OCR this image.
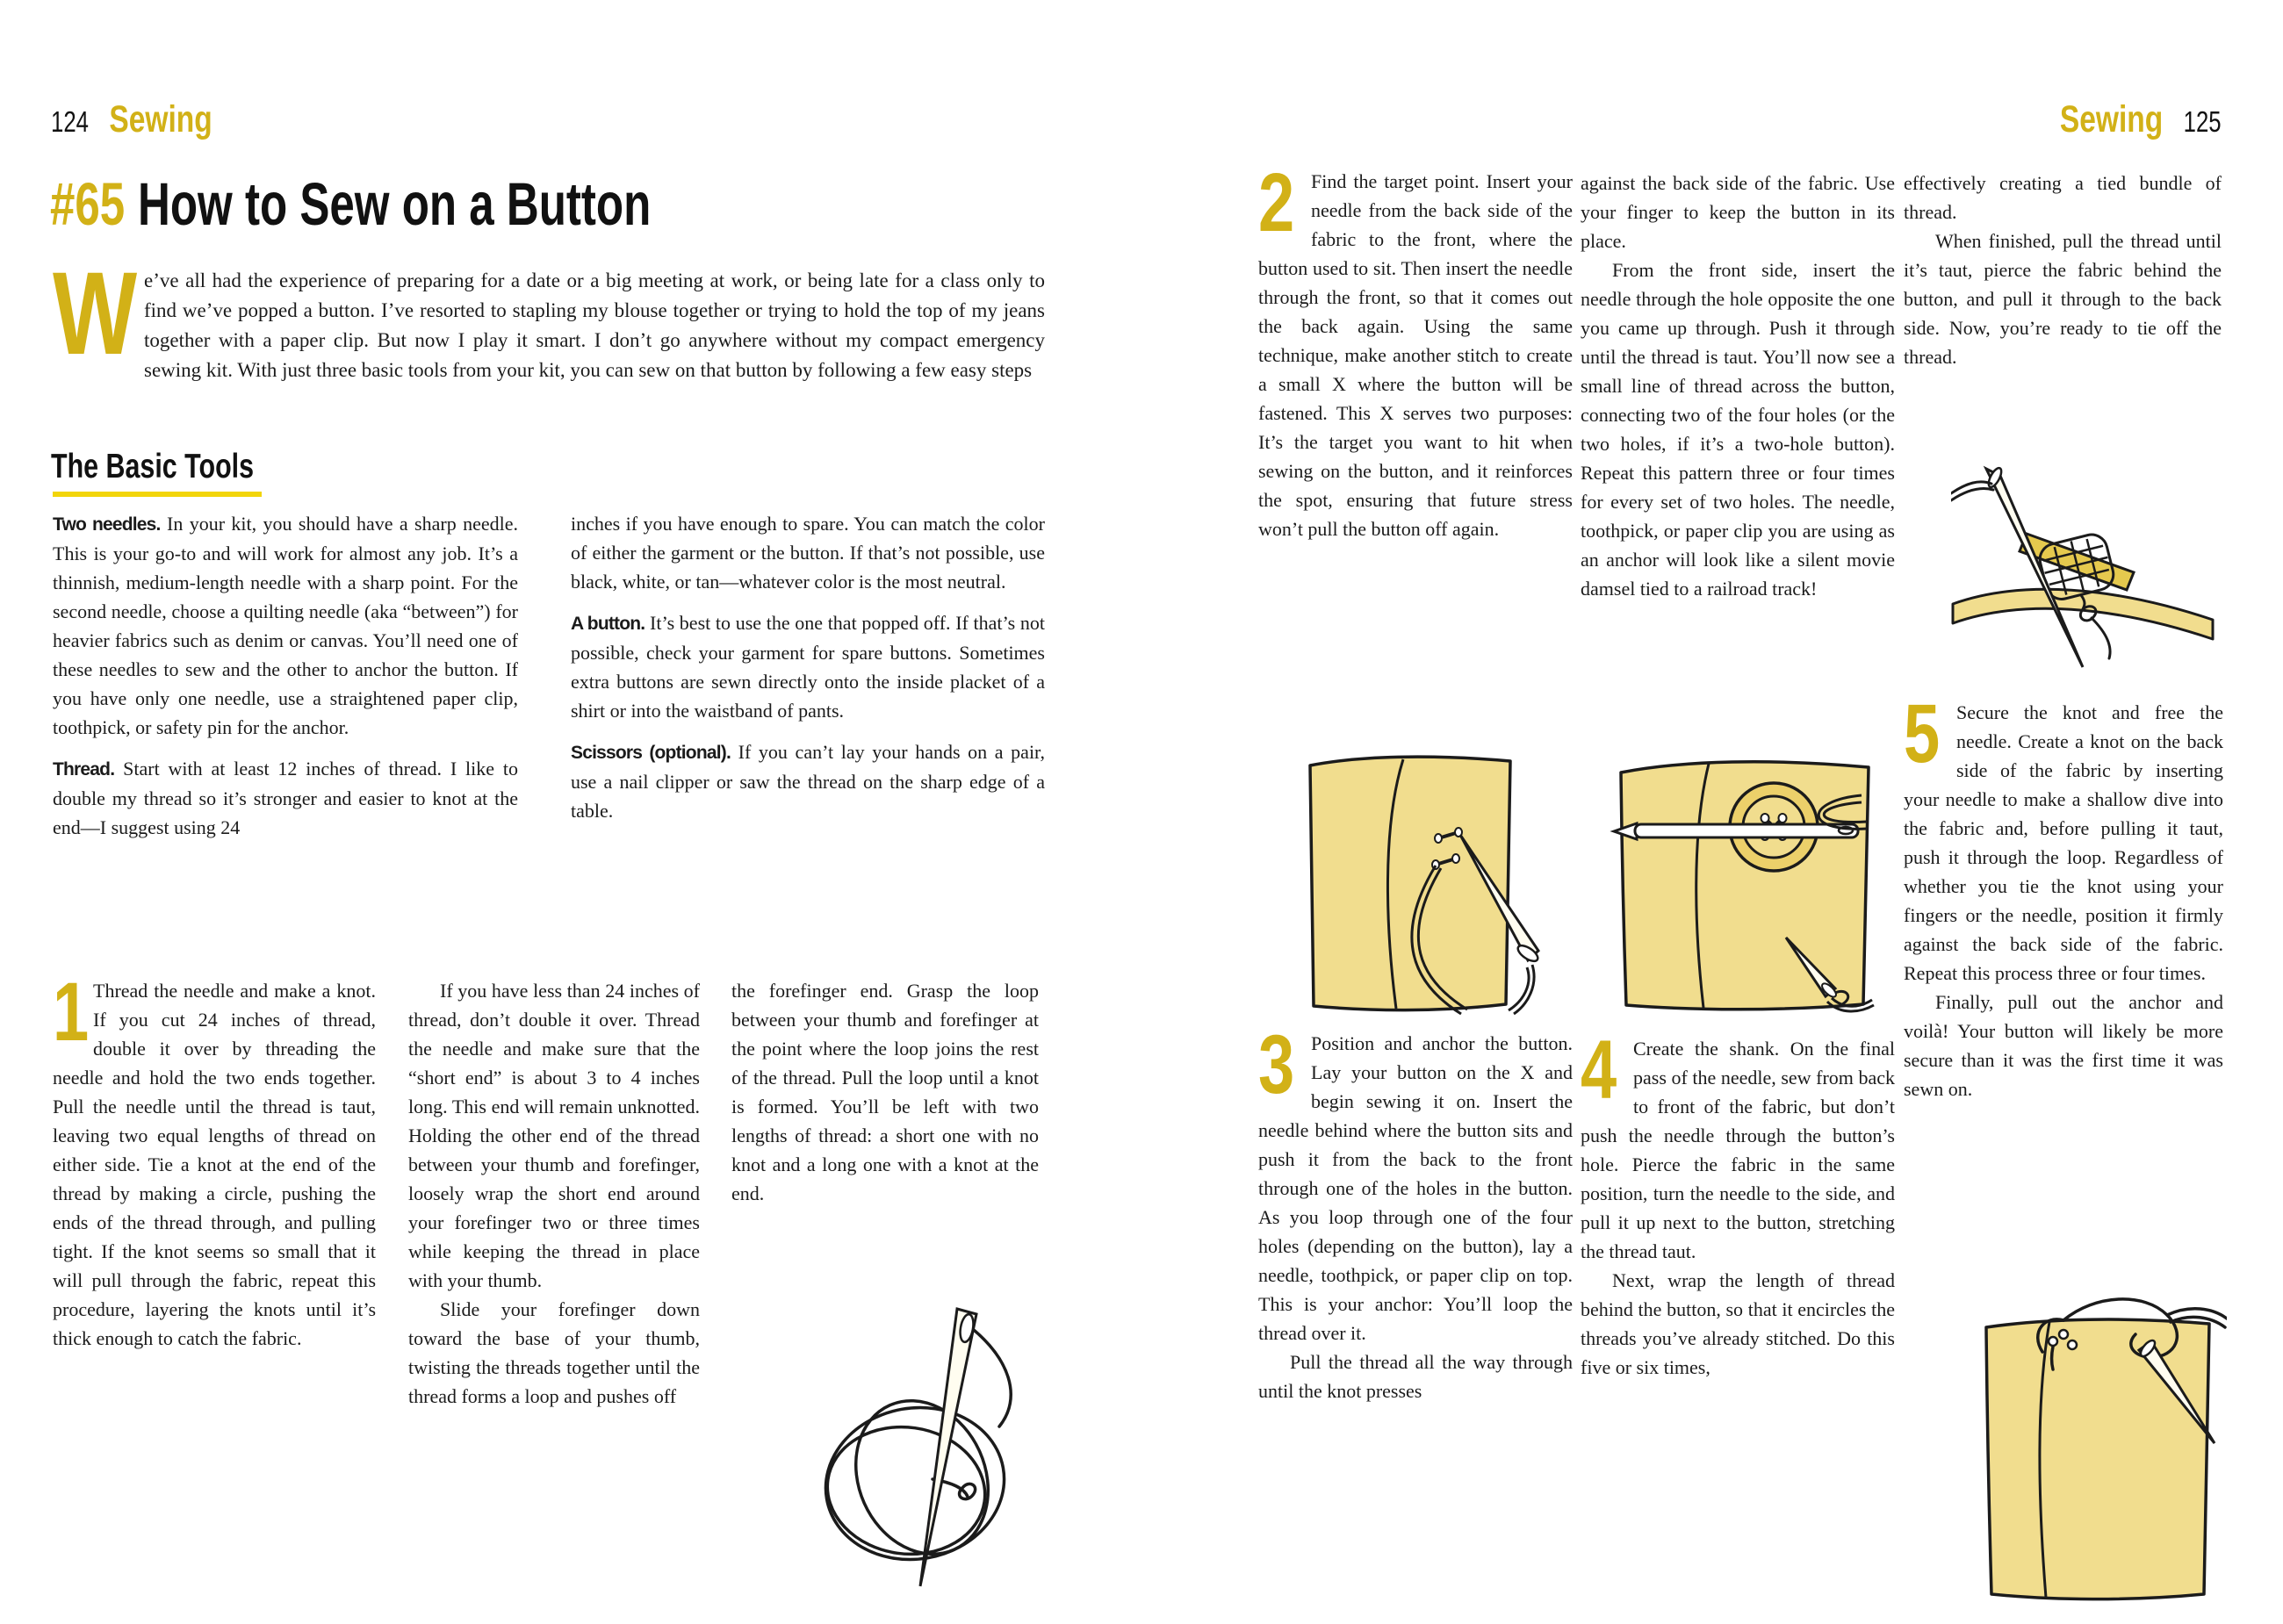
124 Sewing
#65 How to Sew on a Button

We’ve all had the experience of preparing for a date or a big meeting at work, or being late for a class only to find we’ve popped a button. I’ve resorted to stapling my blouse together or trying to hold the top of my jeans together with a paper clip. But now I play it smart. I don’t go anywhere without my compact emergency sewing kit. With just three basic tools from your kit, you can sew on that button by following a few easy steps

The Basic Tools

Two needles. In your kit, you should have a sharp needle. This is your go-to and will work for almost any job. It’s a thinnish, medium-length needle with a sharp point. For the second needle, choose a quilting needle (aka “between”) for heavier fabrics such as denim or canvas. You’ll need one of these needles to sew and the other to anchor the button. If you have only one needle, use a straightened paper clip, toothpick, or safety pin for the anchor.

Thread. Start with at least 12 inches of thread. I like to double my thread so it’s stronger and easier to knot at the end—I suggest using 24

inches if you have enough to spare. You can match the color of either the garment or the button. If that’s not possible, use black, white, or tan—whatever color is the most neutral.

A button. It’s best to use the one that popped off. If that’s not possible, check your garment for spare buttons. Sometimes extra buttons are sewn directly onto the inside placket of a shirt or into the waistband of pants.

Scissors (optional). If you can’t lay your hands on a pair, use a nail clipper or saw the thread on the sharp edge of a table.

1 Thread the needle and make a knot. If you cut 24 inches of thread, double it over by threading the needle and hold the two ends together. Pull the needle until the thread is taut, leaving two equal lengths of thread on either side. Tie a knot at the end of the thread by making a circle, pushing the ends of the thread through, and pulling tight. If the knot seems so small that it will pull through the fabric, repeat this procedure, layering the knots until it’s thick enough to catch the fabric.

If you have less than 24 inches of thread, don’t double it over. Thread the needle and make sure that the “short end” is about 3 to 4 inches long. This end will remain unknotted. Holding the other end of the thread between your thumb and forefinger, loosely wrap the short end around your forefinger two or three times while keeping the thread in place with your thumb.

Slide your forefinger down toward the base of your thumb, twisting the threads together until the thread forms a loop and pushes off

the forefinger end. Grasp the loop between your thumb and forefinger at the point where the loop joins the rest of the thread. Pull the loop until a knot is formed. You’ll be left with two lengths of thread: a short one with no knot and a long one with a knot at the end.

Sewing 125

2 Find the target point. Insert your needle from the back side of the fabric to the front, where the button used to sit. Then insert the needle through the front, so that it comes out the back again. Using the same technique, make another stitch to create a small X where the button will be fastened. This X serves two purposes: It’s the target you want to hit when sewing on the button, and it reinforces the spot, ensuring that future stress won’t pull the button off again.

3 Position and anchor the button. Lay your button on the X and begin sewing it on. Insert the needle behind where the button sits and push it from the back to the front through one of the holes in the button. As you loop through one of the four holes (depending on the button), lay a needle, toothpick, or paper clip on top. This is your anchor: You’ll loop the thread over it.

Pull the thread all the way through until the knot presses

against the back side of the fabric. Use your finger to keep the button in its place.

From the front side, insert the needle through the hole opposite the one you came up through. Push it through until the thread is taut. You’ll now see a small line of thread across the button, connecting two of the four holes (or the two holes, if it’s a two-hole button). Repeat this pattern three or four times for every set of two holes. The needle, toothpick, or paper clip you are using as an anchor will look like a silent movie damsel tied to a railroad track!

4 Create the shank. On the final pass of the needle, sew from back to front of the fabric, but don’t push the needle through the button’s hole. Pierce the fabric in the same position, turn the needle to the side, and pull it up next to the button, stretching the thread taut.

Next, wrap the length of thread behind the button, so that it encircles the threads you’ve already stitched. Do this five or six times,

effectively creating a tied bundle of thread.

When finished, pull the thread until it’s taut, pierce the fabric behind the button, and pull it through to the back side. Now, you’re ready to tie off the thread.

5 Secure the knot and free the needle. Create a knot on the back side of the fabric by inserting your needle to make a shallow dive into the fabric and, before pulling it taut, push it through the loop. Regardless of whether you tie the knot using your fingers or the needle, position it firmly against the back side of the fabric. Repeat this process three or four times.

Finally, pull out the anchor and voilà! Your button will likely be more secure than it was the first time it was sewn on.
